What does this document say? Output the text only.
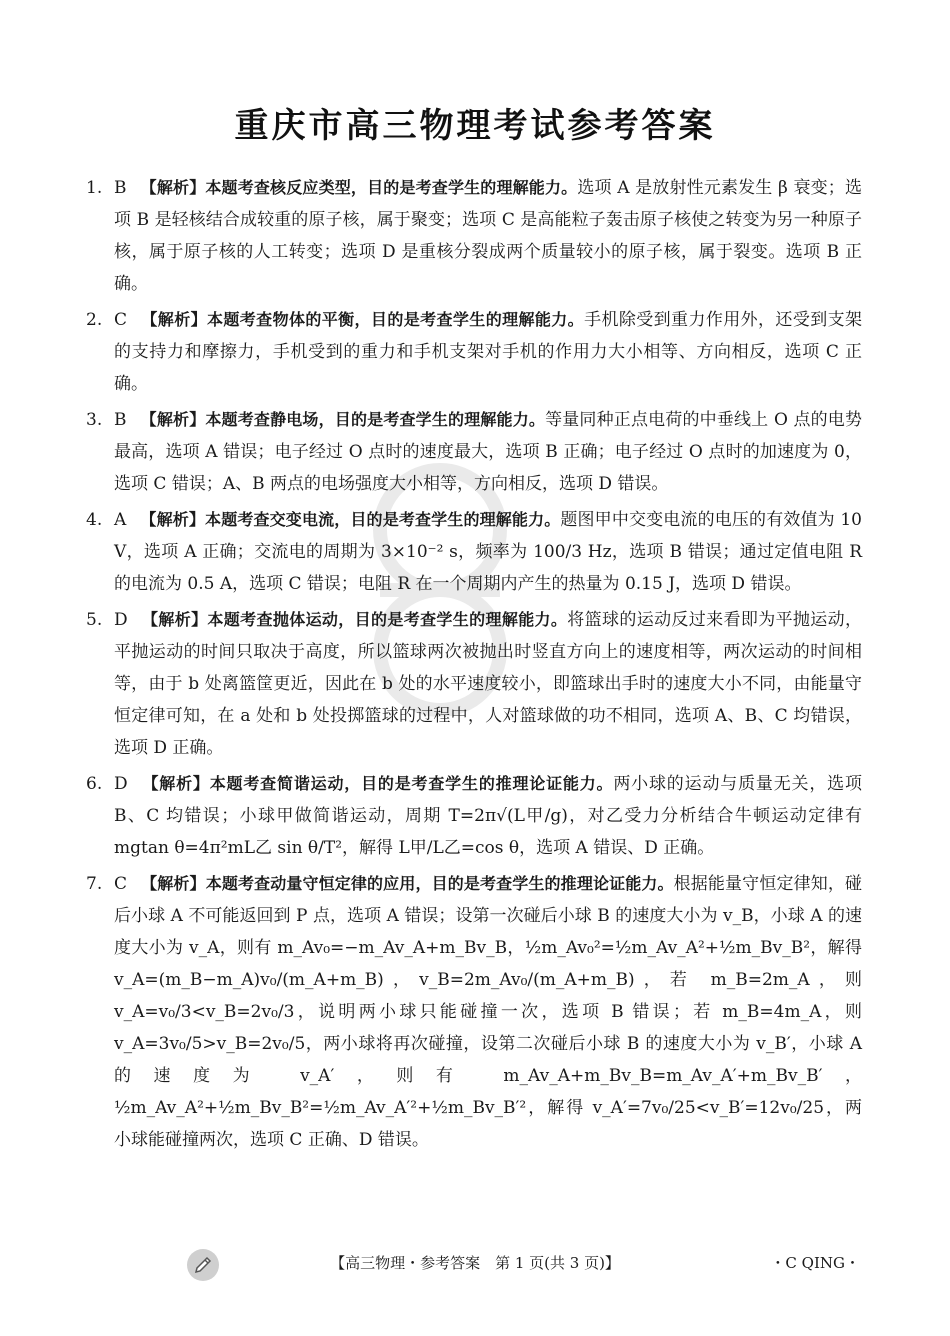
重庆市高三物理考试参考答案
1. B 【解析】本题考查核反应类型，目的是考查学生的理解能力。选项 A 是放射性元素发生 β 衰变；选项 B 是轻核结合成较重的原子核，属于聚变；选项 C 是高能粒子轰击原子核使之转变为另一种原子核，属于原子核的人工转变；选项 D 是重核分裂成两个质量较小的原子核，属于裂变。选项 B 正确。
2. C 【解析】本题考查物体的平衡，目的是考查学生的理解能力。手机除受到重力作用外，还受到支架的支持力和摩擦力，手机受到的重力和手机支架对手机的作用力大小相等、方向相反，选项 C 正确。
3. B 【解析】本题考查静电场，目的是考查学生的理解能力。等量同种正点电荷的中垂线上 O 点的电势最高，选项 A 错误；电子经过 O 点时的速度最大，选项 B 正确；电子经过 O 点时的加速度为 0，选项 C 错误；A、B 两点的电场强度大小相等，方向相反，选项 D 错误。
4. A 【解析】本题考查交变电流，目的是考查学生的理解能力。题图甲中交变电流的电压的有效值为 10 V，选项 A 正确；交流电的周期为 3×10⁻² s，频率为 100/3 Hz，选项 B 错误；通过定值电阻 R 的电流为 0.5 A，选项 C 错误；电阻 R 在一个周期内产生的热量为 0.15 J，选项 D 错误。
5. D 【解析】本题考查抛体运动，目的是考查学生的理解能力。将篮球的运动反过来看即为平抛运动，平抛运动的时间只取决于高度，所以篮球两次被抛出时竖直方向上的速度相等，两次运动的时间相等，由于 b 处离篮筐更近，因此在 b 处的水平速度较小，即篮球出手时的速度大小不同，由能量守恒定律可知，在 a 处和 b 处投掷篮球的过程中，人对篮球做的功不相同，选项 A、B、C 均错误，选项 D 正确。
6. D 【解析】本题考查简谐运动，目的是考查学生的推理论证能力。两小球的运动与质量无关，选项 B、C 均错误；小球甲做简谐运动，周期 T=2π√(L甲/g)，对乙受力分析结合牛顿运动定律有 mgtan θ=4π²mL乙 sin θ/T²，解得 L甲/L乙=cos θ，选项 A 错误、D 正确。
7. C 【解析】本题考查动量守恒定律的应用，目的是考查学生的推理论证能力。根据能量守恒定律知，碰后小球 A 不可能返回到 P 点，选项 A 错误；设第一次碰后小球 B 的速度大小为 v_B，小球 A 的速度大小为 v_A，则有 m_Av₀=−m_Av_A+m_Bv_B，½m_Av₀²=½m_Av_A²+½m_Bv_B²，解得 v_A=(m_B−m_A)v₀/(m_A+m_B)，v_B=2m_Av₀/(m_A+m_B)，若 m_B=2m_A，则 v_A=v₀/3<v_B=2v₀/3，说明两小球只能碰撞一次，选项 B 错误；若 m_B=4m_A，则 v_A=3v₀/5>v_B=2v₀/5，两小球将再次碰撞，设第二次碰后小球 B 的速度大小为 v_B′，小球 A 的速度为 v_A′，则有 m_Av_A+m_Bv_B=m_Av_A′+m_Bv_B′，½m_Av_A²+½m_Bv_B²=½m_Av_A′²+½m_Bv_B′²，解得 v_A′=7v₀/25<v_B′=12v₀/25，两小球能碰撞两次，选项 C 正确、D 错误。
【高三物理・参考答案　第 1 页(共 3 页)】	・C QING・
